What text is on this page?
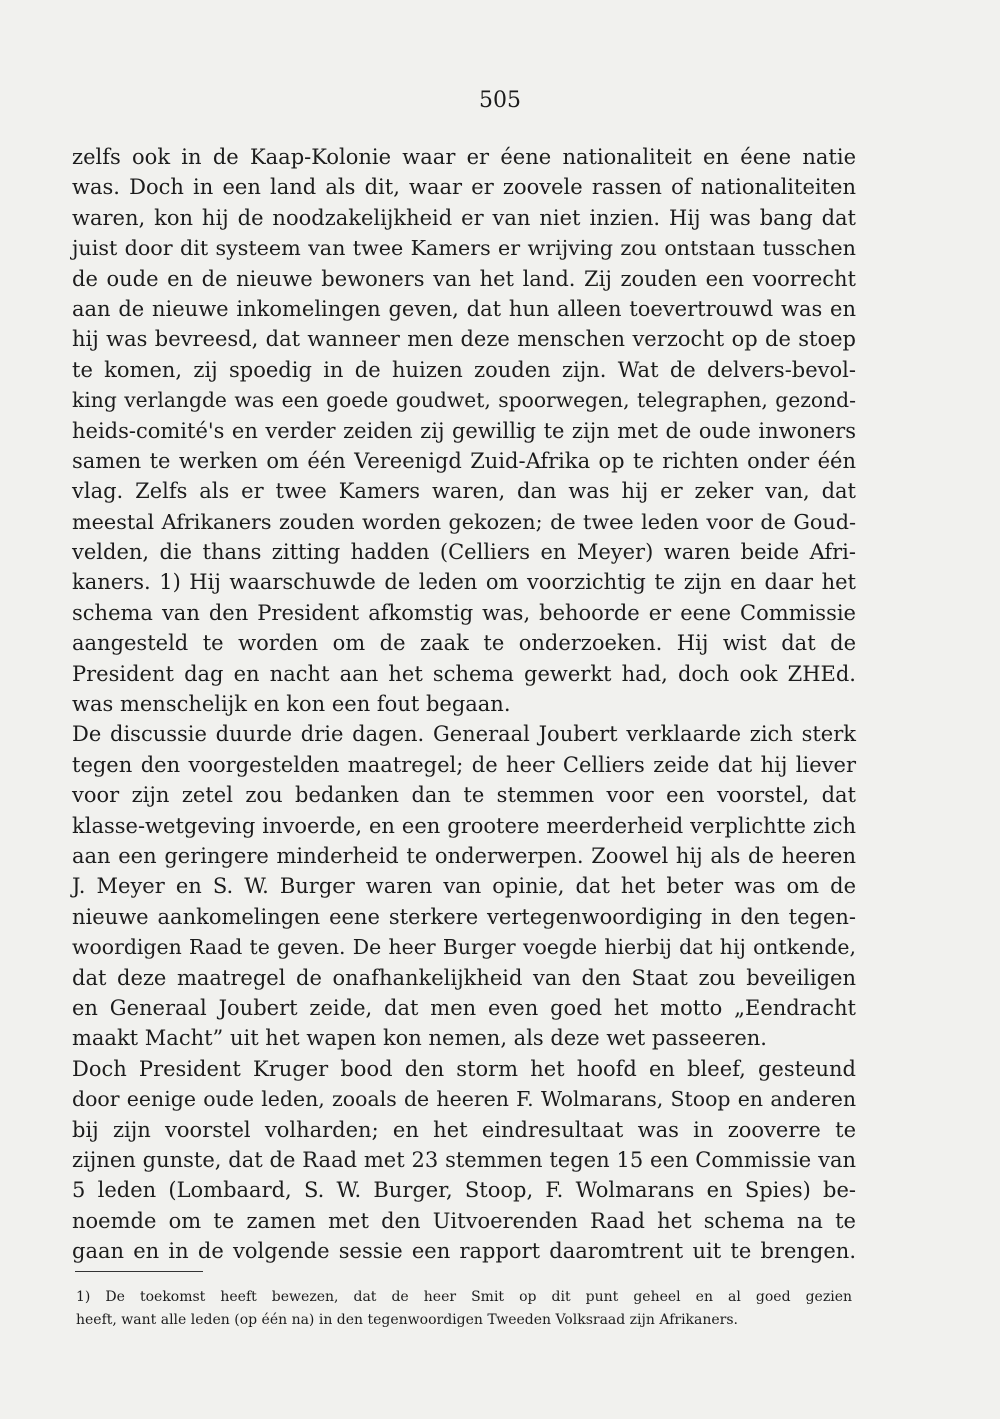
505
zelfs ook in de Kaap-Kolonie waar er éene nationaliteit en éene natie
was. Doch in een land als dit, waar er zoovele rassen of nationaliteiten
waren, kon hij de noodzakelijkheid er van niet inzien. Hij was bang dat
juist door dit systeem van twee Kamers er wrijving zou ontstaan tusschen
de oude en de nieuwe bewoners van het land. Zij zouden een voorrecht
aan de nieuwe inkomelingen geven, dat hun alleen toevertrouwd was en
hij was bevreesd, dat wanneer men deze menschen verzocht op de stoep
te komen, zij spoedig in de huizen zouden zijn. Wat de delvers-bevol-
king verlangde was een goede goudwet, spoorwegen, telegraphen, gezond-
heids-comité's en verder zeiden zij gewillig te zijn met de oude inwoners
samen te werken om één Vereenigd Zuid-Afrika op te richten onder één
vlag. Zelfs als er twee Kamers waren, dan was hij er zeker van, dat
meestal Afrikaners zouden worden gekozen; de twee leden voor de Goud-
velden, die thans zitting hadden (Celliers en Meyer) waren beide Afri-
kaners. 1) Hij waarschuwde de leden om voorzichtig te zijn en daar het
schema van den President afkomstig was, behoorde er eene Commissie
aangesteld te worden om de zaak te onderzoeken. Hij wist dat de
President dag en nacht aan het schema gewerkt had, doch ook ZHEd.
was menschelijk en kon een fout begaan.
De discussie duurde drie dagen. Generaal Joubert verklaarde zich sterk
tegen den voorgestelden maatregel; de heer Celliers zeide dat hij liever
voor zijn zetel zou bedanken dan te stemmen voor een voorstel, dat
klasse-wetgeving invoerde, en een grootere meerderheid verplichtte zich
aan een geringere minderheid te onderwerpen. Zoowel hij als de heeren
J. Meyer en S. W. Burger waren van opinie, dat het beter was om de
nieuwe aankomelingen eene sterkere vertegenwoordiging in den tegen-
woordigen Raad te geven. De heer Burger voegde hierbij dat hij ontkende,
dat deze maatregel de onafhankelijkheid van den Staat zou beveiligen
en Generaal Joubert zeide, dat men even goed het motto „Eendracht
maakt Macht” uit het wapen kon nemen, als deze wet passeeren.
Doch President Kruger bood den storm het hoofd en bleef, gesteund
door eenige oude leden, zooals de heeren F. Wolmarans, Stoop en anderen
bij zijn voorstel volharden; en het eindresultaat was in zooverre te
zijnen gunste, dat de Raad met 23 stemmen tegen 15 een Commissie van
5 leden (Lombaard, S. W. Burger, Stoop, F. Wolmarans en Spies) be-
noemde om te zamen met den Uitvoerenden Raad het schema na te
gaan en in de volgende sessie een rapport daaromtrent uit te brengen.
1) De toekomst heeft bewezen, dat de heer Smit op dit punt geheel en al goed gezien
heeft, want alle leden (op één na) in den tegenwoordigen Tweeden Volksraad zijn Afrikaners.
